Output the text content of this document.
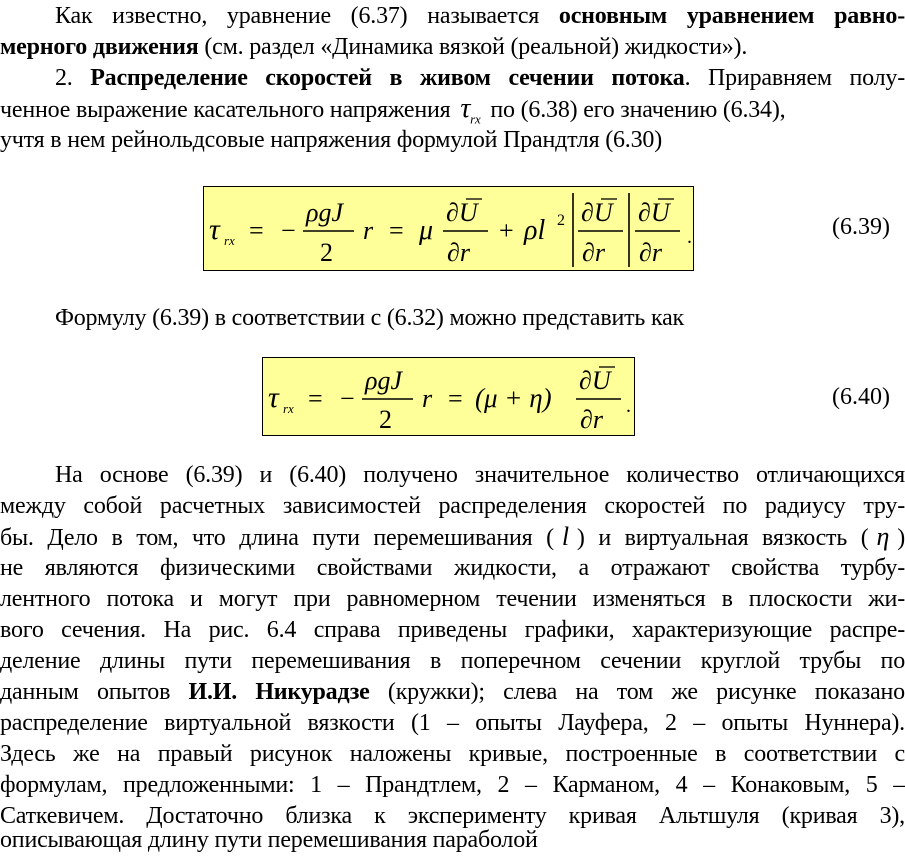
Как известно, уравнение (6.37) называется основным уравнением равно-
мерного движения (см. раздел «Динамика вязкой (реальной) жидкости»).
2. Распределение скоростей в живом сечении потока. Приравняем полу-
ченное выражение касательного напряжения $\tau_{rx}$ по (6.38) его значению (6.34),
учтя в нем рейнольдсовые напряжения формулой Прандтля (6.30)
τ rx = −
ρgJ
2
r = μ
∂U
∂r
+ ρl 2 ∂U
∂r
∂U
∂r
.	(6.39)
Формулу (6.39) в соответствии с (6.32) можно представить как
τ rx = −
ρgJ
2
r = (μ + η)
∂U
∂r .	(6.40)
На основе (6.39) и (6.40) получено значительное количество отличающихся
между собой расчетных зависимостей распределения скоростей по радиусу тру-
бы. Дело в том, что длина пути перемешивания ( l ) и виртуальная вязкость ( η )
не являются физическими свойствами жидкости, а отражают свойства турбу-
лентного потока и могут при равномерном течении изменяться в плоскости жи-
вого сечения. На рис. 6.4 справа приведены графики, характеризующие распре-
деление длины пути перемешивания в поперечном сечении круглой трубы по
данным опытов И.И. Никурадзе (кружки); слева на том же рисунке показано
распределение виртуальной вязкости (1 – опыты Лауфера, 2 – опыты Нуннера).
Здесь же на правый рисунок наложены кривые, построенные в соответствии с
формулам, предложенными: 1 – Прандтлем, 2 – Карманом, 4 – Конаковым, 5 –
Саткевичем. Достаточно близка к эксперименту кривая Альтшуля (кривая 3),
описывающая длину пути перемешивания параболой
